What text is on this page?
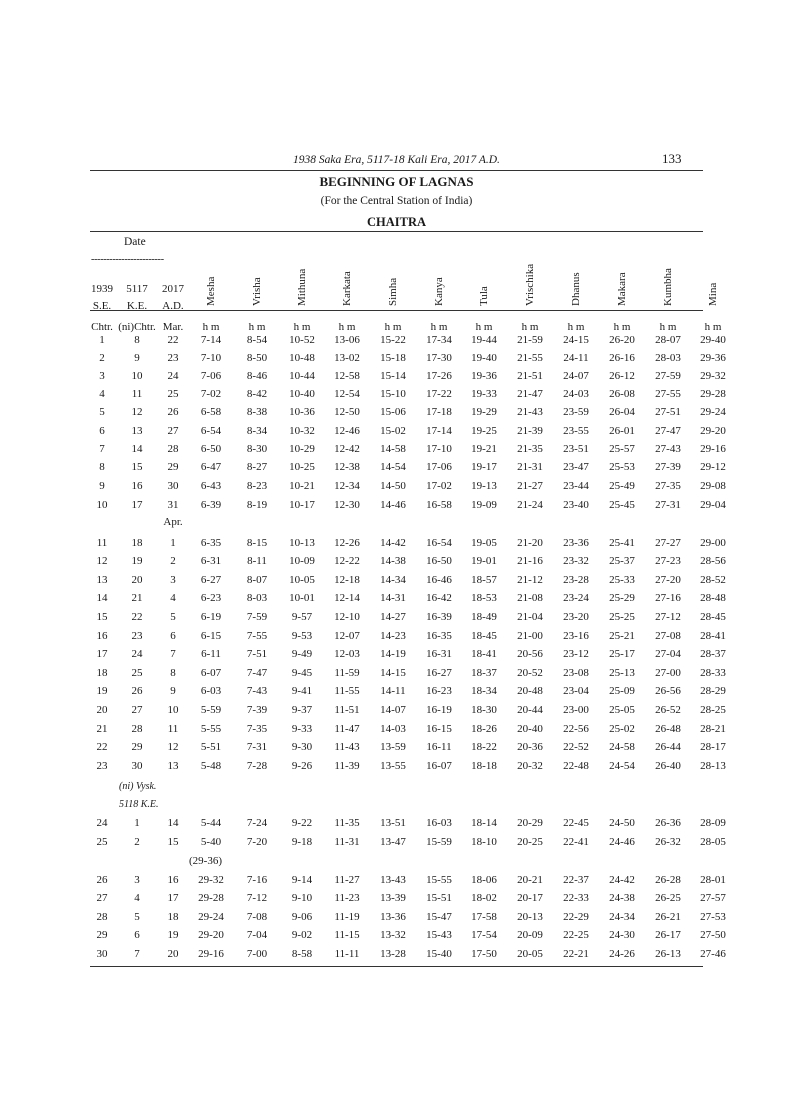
133
1938 Saka Era, 5117-18 Kali Era, 2017 A.D.
BEGINNING OF LAGNAS
(For the Central Station of India)
CHAITRA
Date
------------------------
1939	5117	2017
S.E.	K.E.	A.D.
Chtr. (ni)Chtr. Mar.	h m	h m	h m	h m	h m	h m	h m	h m	h m	h m	h m	h m
Mesha	Vrisha	Mithuna	Karkata	Simha	Kanya	Tula	Vrischika	Dhanus	Makara	Kumbha	Mina
1	8	22	7-14	8-54	10-52	13-06	15-22	17-34	19-44	21-59	24-15	26-20	28-07	29-40
2	9	23	7-10	8-50	10-48	13-02	15-18	17-30	19-40	21-55	24-11	26-16	28-03	29-36
3	10	24	7-06	8-46	10-44	12-58	15-14	17-26	19-36	21-51	24-07	26-12	27-59	29-32
4	11	25	7-02	8-42	10-40	12-54	15-10	17-22	19-33	21-47	24-03	26-08	27-55	29-28
5	12	26	6-58	8-38	10-36	12-50	15-06	17-18	19-29	21-43	23-59	26-04	27-51	29-24
6	13	27	6-54	8-34	10-32	12-46	15-02	17-14	19-25	21-39	23-55	26-01	27-47	29-20
7	14	28	6-50	8-30	10-29	12-42	14-58	17-10	19-21	21-35	23-51	25-57	27-43	29-16
8	15	29	6-47	8-27	10-25	12-38	14-54	17-06	19-17	21-31	23-47	25-53	27-39	29-12
9	16	30	6-43	8-23	10-21	12-34	14-50	17-02	19-13	21-27	23-44	25-49	27-35	29-08
10	17	31	6-39	8-19	10-17	12-30	14-46	16-58	19-09	21-24	23-40	25-45	27-31	29-04
11	18	1	6-35	8-15	10-13	12-26	14-42	16-54	19-05	21-20	23-36	25-41	27-27	29-00
12	19	2	6-31	8-11	10-09	12-22	14-38	16-50	19-01	21-16	23-32	25-37	27-23	28-56
13	20	3	6-27	8-07	10-05	12-18	14-34	16-46	18-57	21-12	23-28	25-33	27-20	28-52
14	21	4	6-23	8-03	10-01	12-14	14-31	16-42	18-53	21-08	23-24	25-29	27-16	28-48
15	22	5	6-19	7-59	9-57	12-10	14-27	16-39	18-49	21-04	23-20	25-25	27-12	28-45
16	23	6	6-15	7-55	9-53	12-07	14-23	16-35	18-45	21-00	23-16	25-21	27-08	28-41
17	24	7	6-11	7-51	9-49	12-03	14-19	16-31	18-41	20-56	23-12	25-17	27-04	28-37
18	25	8	6-07	7-47	9-45	11-59	14-15	16-27	18-37	20-52	23-08	25-13	27-00	28-33
19	26	9	6-03	7-43	9-41	11-55	14-11	16-23	18-34	20-48	23-04	25-09	26-56	28-29
20	27	10	5-59	7-39	9-37	11-51	14-07	16-19	18-30	20-44	23-00	25-05	26-52	28-25
21	28	11	5-55	7-35	9-33	11-47	14-03	16-15	18-26	20-40	22-56	25-02	26-48	28-21
22	29	12	5-51	7-31	9-30	11-43	13-59	16-11	18-22	20-36	22-52	24-58	26-44	28-17
23	30	13	5-48	7-28	9-26	11-39	13-55	16-07	18-18	20-32	22-48	24-54	26-40	28-13
24	1	14	5-44	7-24	9-22	11-35	13-51	16-03	18-14	20-29	22-45	24-50	26-36	28-09
25	2	15	5-40	7-20	9-18	11-31	13-47	15-59	18-10	20-25	22-41	24-46	26-32	28-05
26	3	16	29-32	7-16	9-14	11-27	13-43	15-55	18-06	20-21	22-37	24-42	26-28	28-01
27	4	17	29-28	7-12	9-10	11-23	13-39	15-51	18-02	20-17	22-33	24-38	26-25	27-57
28	5	18	29-24	7-08	9-06	11-19	13-36	15-47	17-58	20-13	22-29	24-34	26-21	27-53
29	6	19	29-20	7-04	9-02	11-15	13-32	15-43	17-54	20-09	22-25	24-30	26-17	27-50
30	7	20	29-16	7-00	8-58	11-11	13-28	15-40	17-50	20-05	22-21	24-26	26-13	27-46
Apr.
(ni) Vysk.
5118 K.E.
(29-36)
